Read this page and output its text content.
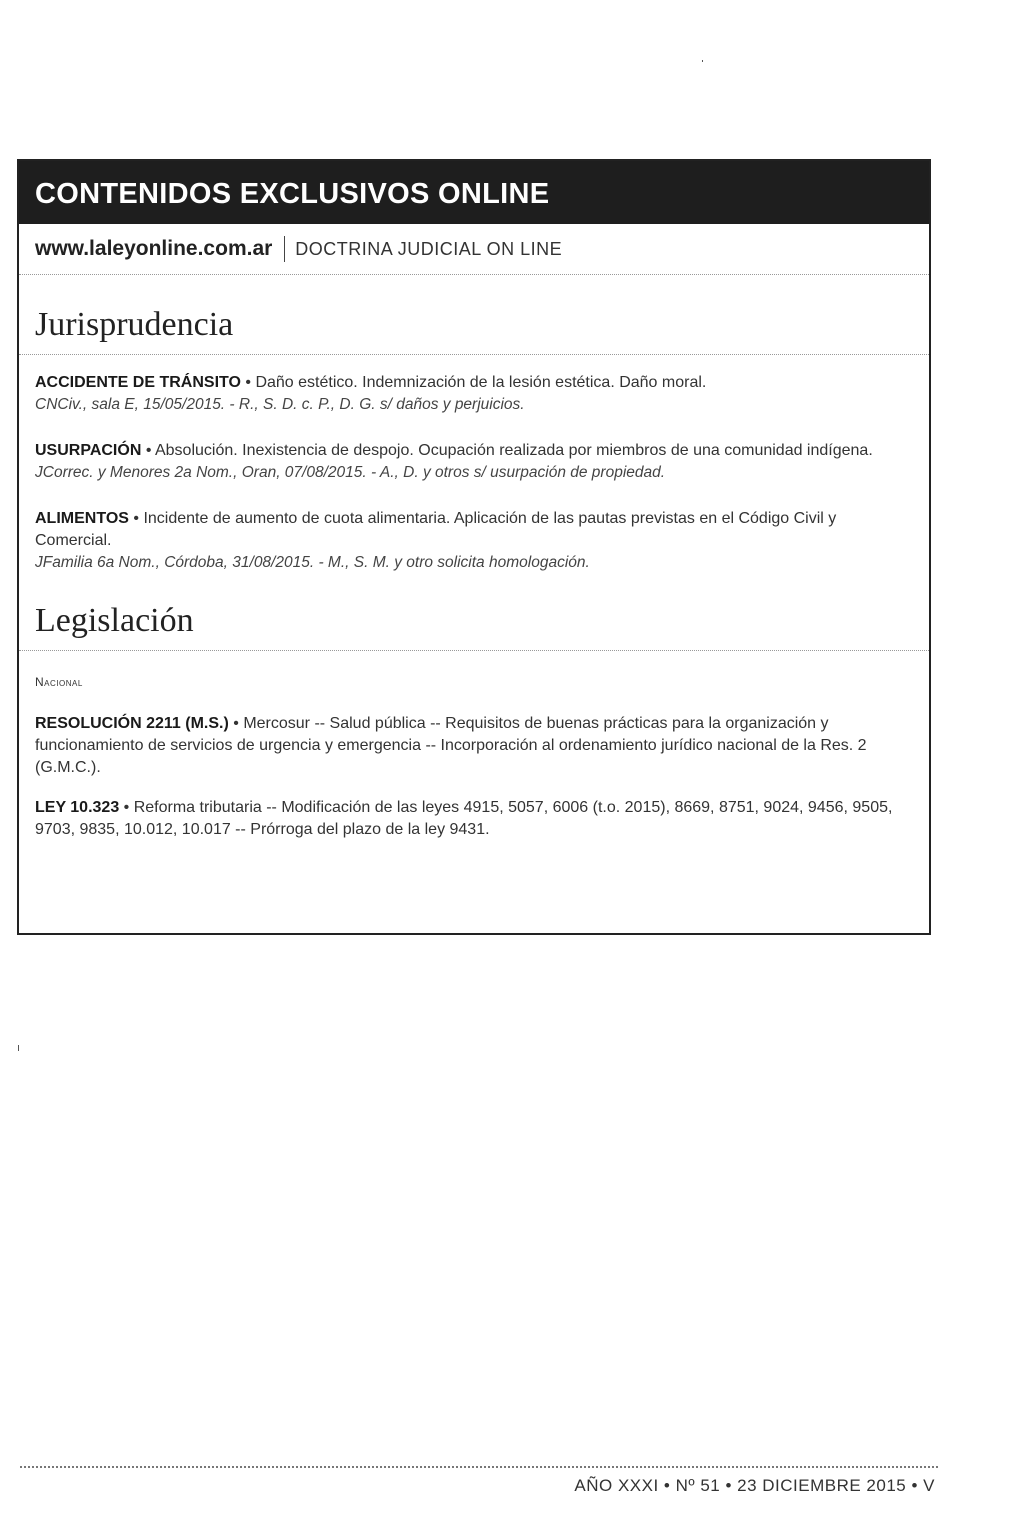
CONTENIDOS EXCLUSIVOS ONLINE
www.laleyonline.com.ar DOCTRINA JUDICIAL ON LINE
Jurisprudencia
ACCIDENTE DE TRÁNSITO • Daño estético. Indemnización de la lesión estética. Daño moral.
CNCiv., sala E, 15/05/2015. - R., S. D. c. P., D. G. s/ daños y perjuicios.
USURPACIÓN • Absolución. Inexistencia de despojo. Ocupación realizada por miembros de una comunidad indígena.
JCorrec. y Menores 2a Nom., Oran, 07/08/2015. - A., D. y otros s/ usurpación de propiedad.
ALIMENTOS • Incidente de aumento de cuota alimentaria. Aplicación de las pautas previstas en el Código Civil y Comercial.
JFamilia 6a Nom., Córdoba, 31/08/2015. - M., S. M. y otro solicita homologación.
Legislación
Nacional
RESOLUCIÓN 2211 (M.S.) • Mercosur -- Salud pública -- Requisitos de buenas prácticas para la organización y funcionamiento de servicios de urgencia y emergencia -- Incorporación al ordenamiento jurídico nacional de la Res. 2 (G.M.C.).
LEY 10.323 • Reforma tributaria -- Modificación de las leyes 4915, 5057, 6006 (t.o. 2015), 8669, 8751, 9024, 9456, 9505, 9703, 9835, 10.012, 10.017 -- Prórroga del plazo de la ley 9431.
AÑO XXXI • Nº 51 • 23 DICIEMBRE 2015 • V
